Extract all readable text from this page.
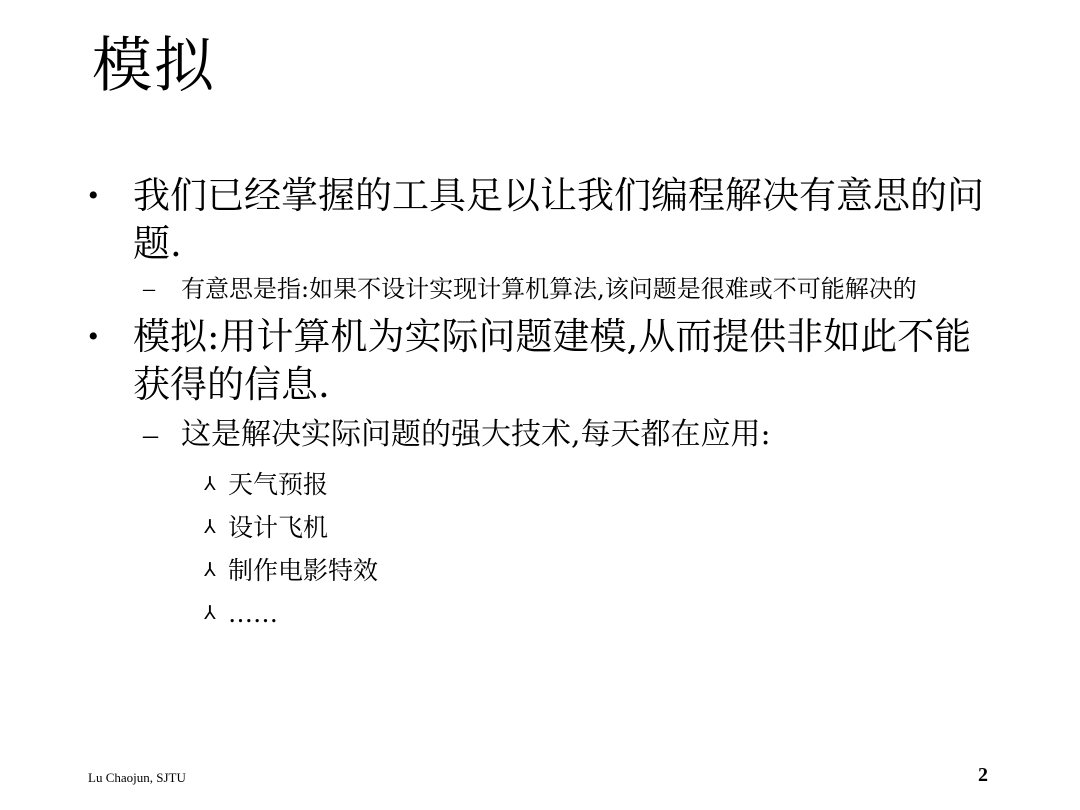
模拟
• 我们已经掌握的工具足以让我们编程解决有意思的问题.
– 有意思是指:如果不设计实现计算机算法,该问题是很难或不可能解决的
• 模拟:用计算机为实际问题建模,从而提供非如此不能获得的信息.
– 这是解决实际问题的强大技术,每天都在应用:
⅄ 天气预报
⅄ 设计飞机
⅄ 制作电影特效
⅄ ……
Lu Chaojun, SJTU	2
